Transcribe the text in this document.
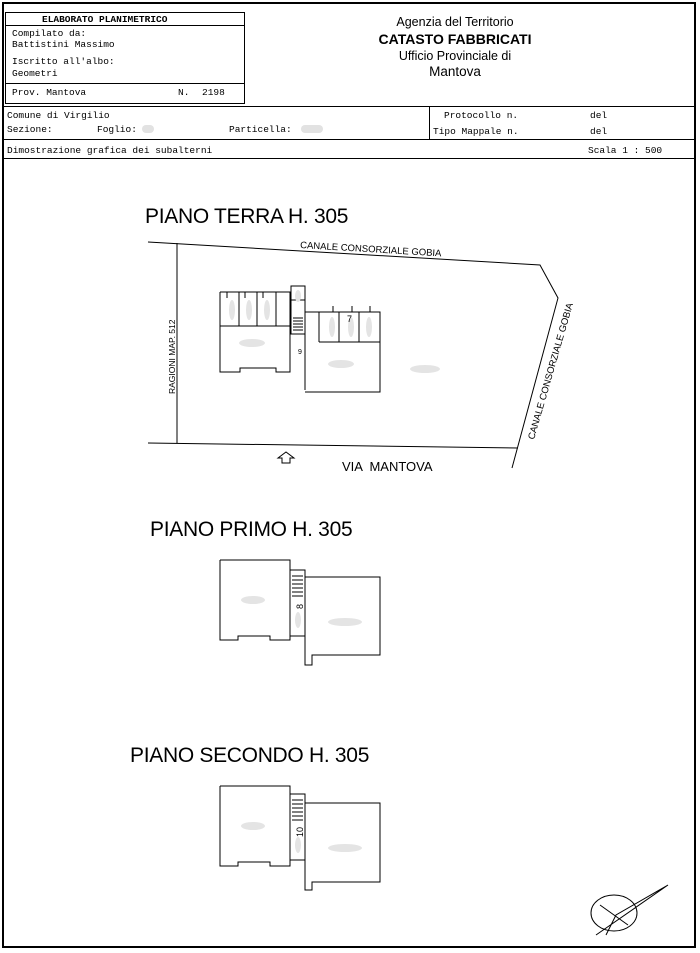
ELABORATO PLANIMETRICO
Compilato da:
Battistini Massimo
Iscritto all'albo:
Geometri
Prov. Mantova	N. 2198
Agenzia del Territorio
CATASTO FABBRICATI
Ufficio Provinciale di
Mantova
Comune di Virgilio
Sezione:	Foglio:	Particella:
Protocollo n.	del
Tipo Mappale n.	del
Dimostrazione grafica dei subalterni	Scala 1 : 500
PIANO TERRA H. 305
PIANO PRIMO H. 305
PIANO SECONDO H. 305
CANALE CONSORZIALE GOBIA
CANALE CONSORZIALE GOBIA
RAGIONI MAP. 512
VIA  MANTOVA
7
9
8
10
